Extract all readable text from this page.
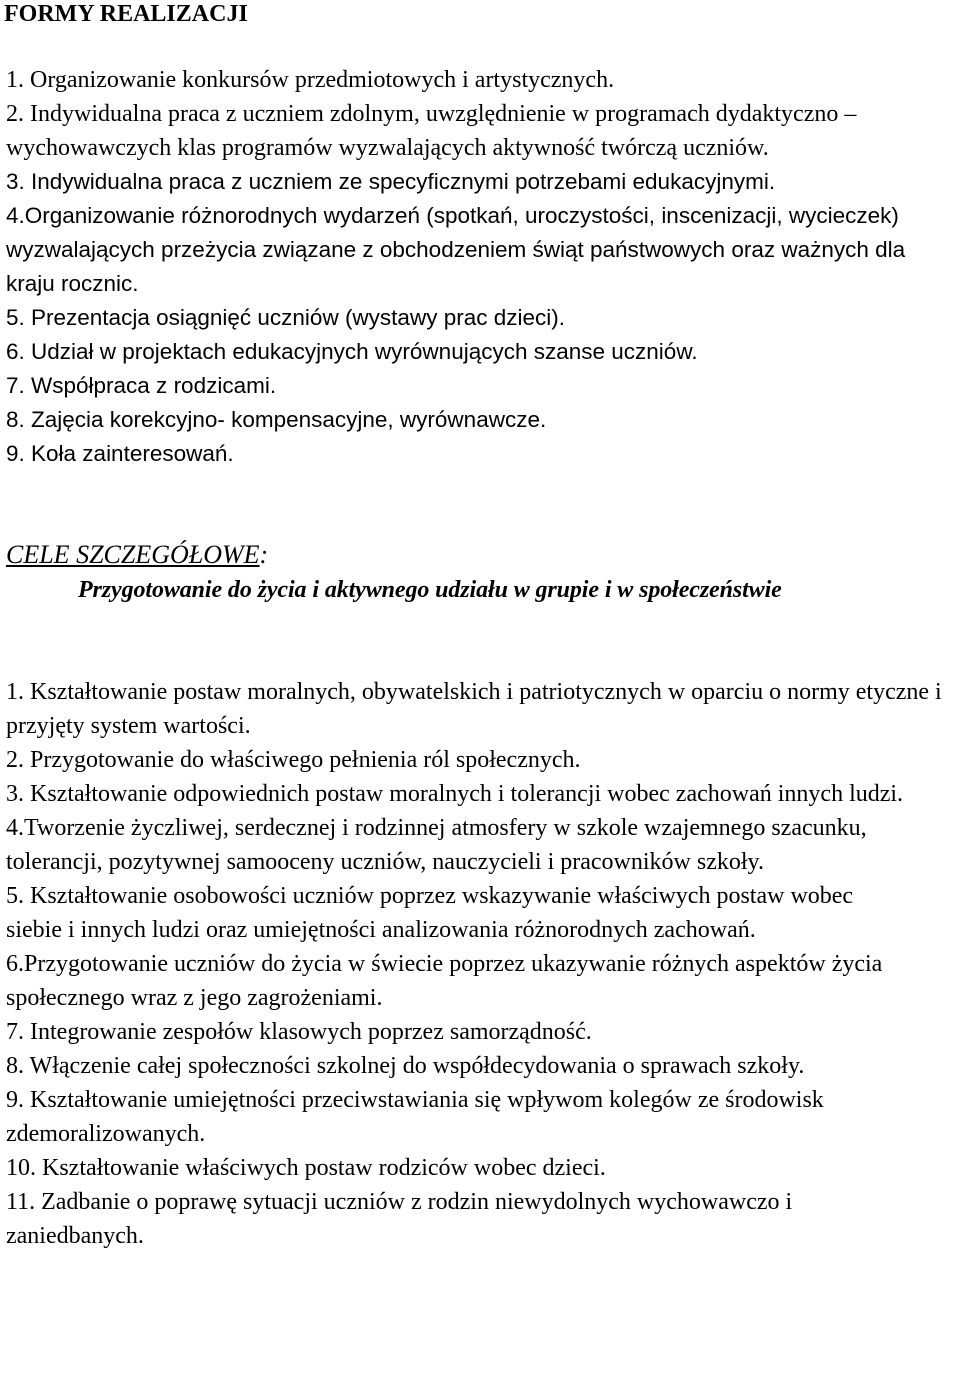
FORMY REALIZACJI

1. Organizowanie konkursów przedmiotowych i artystycznych.

2. Indywidualna praca z uczniem zdolnym, uwzględnienie w programach dydaktyczno –wychowawczych klas programów wyzwalających aktywność twórczą uczniów.

3. Indywidualna praca z uczniem ze specyficznymi potrzebami edukacyjnymi.

4.Organizowanie różnorodnych wydarzeń (spotkań, uroczystości, inscenizacji, wycieczek) wyzwalających przeżycia związane z obchodzeniem świąt państwowych oraz ważnych dla kraju rocznic.

5. Prezentacja osiągnięć uczniów (wystawy prac dzieci).

6. Udział w projektach edukacyjnych wyrównujących szanse uczniów.

7. Współpraca z rodzicami.

8. Zajęcia korekcyjno- kompensacyjne, wyrównawcze.

9. Koła zainteresowań.

CELE SZCZEGÓŁOWE:

Przygotowanie do życia i aktywnego udziału w grupie i w społeczeństwie

1. Kształtowanie postaw moralnych, obywatelskich i patriotycznych w oparciu o normy etyczne i przyjęty system wartości.

2. Przygotowanie do właściwego pełnienia ról społecznych.

3. Kształtowanie odpowiednich postaw moralnych i tolerancji wobec zachowań innych ludzi.

4.Tworzenie życzliwej, serdecznej i rodzinnej atmosfery w szkole wzajemnego szacunku, tolerancji, pozytywnej samooceny uczniów, nauczycieli i pracowników szkoły.

5. Kształtowanie osobowości uczniów poprzez wskazywanie właściwych postaw wobec siebie i innych ludzi oraz umiejętności analizowania różnorodnych zachowań.

6.Przygotowanie uczniów do życia w świecie poprzez ukazywanie różnych aspektów życia społecznego wraz z jego zagrożeniami.

7. Integrowanie zespołów klasowych poprzez samorządność.

8. Włączenie całej społeczności szkolnej do współdecydowania o sprawach szkoły.

9. Kształtowanie umiejętności przeciwstawiania się wpływom kolegów ze środowisk zdemoralizowanych.

10. Kształtowanie właściwych postaw rodziców wobec dzieci.

11. Zadbanie o poprawę sytuacji uczniów z rodzin niewydolnych wychowawczo i zaniedbanych.
